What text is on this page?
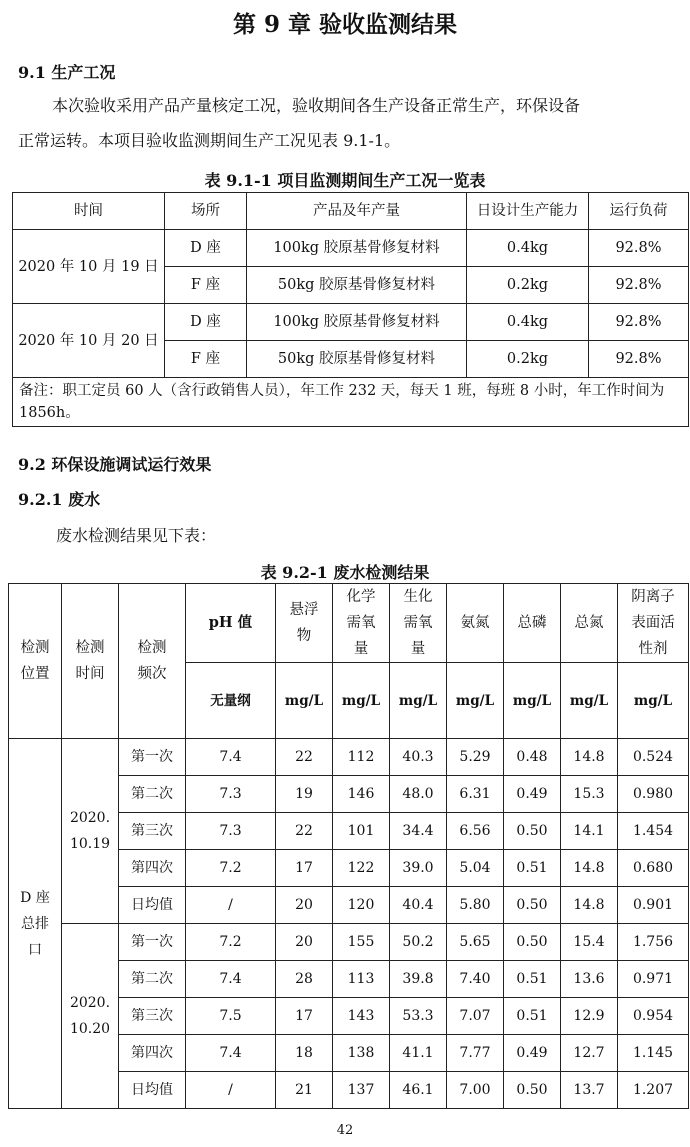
第 9 章 验收监测结果
9.1 生产工况
本次验收采用产品产量核定工况，验收期间各生产设备正常生产，环保设备
正常运转。本项目验收监测期间生产工况见表 9.1-1。
表 9.1-1 项目监测期间生产工况一览表
时间	场所	产品及年产量	日设计生产能力	运行负荷
2020 年 10 月 19 日	D 座	100kg 胶原基骨修复材料	0.4kg	92.8%
	F 座	50kg 胶原基骨修复材料	0.2kg	92.8%
2020 年 10 月 20 日	D 座	100kg 胶原基骨修复材料	0.4kg	92.8%
	F 座	50kg 胶原基骨修复材料	0.2kg	92.8%
备注：职工定员 60 人（含行政销售人员），年工作 232 天，每天 1 班，每班 8 小时，年工作时间为 1856h。				
9.2 环保设施调试运行效果
9.2.1 废水
废水检测结果见下表：
表 9.2-1 废水检测结果
检测位置	检测时间	检测频次	pH 值	悬浮物	化学需氧量	生化需氧量	氨氮	总磷	总氮	阴离子表面活性剂
			无量纲	mg/L	mg/L	mg/L	mg/L	mg/L	mg/L	mg/L
D 座总排口	2020.
10.19	第一次	7.4	22	112	40.3	5.29	0.48	14.8	0.524
		第二次	7.3	19	146	48.0	6.31	0.49	15.3	0.980
		第三次	7.3	22	101	34.4	6.56	0.50	14.1	1.454
		第四次	7.2	17	122	39.0	5.04	0.51	14.8	0.680
		日均值	/	20	120	40.4	5.80	0.50	14.8	0.901
	2020.
10.20	第一次	7.2	20	155	50.2	5.65	0.50	15.4	1.756
		第二次	7.4	28	113	39.8	7.40	0.51	13.6	0.971
		第三次	7.5	17	143	53.3	7.07	0.51	12.9	0.954
		第四次	7.4	18	138	41.1	7.77	0.49	12.7	1.145
		日均值	/	21	137	46.1	7.00	0.50	13.7	1.207
42
